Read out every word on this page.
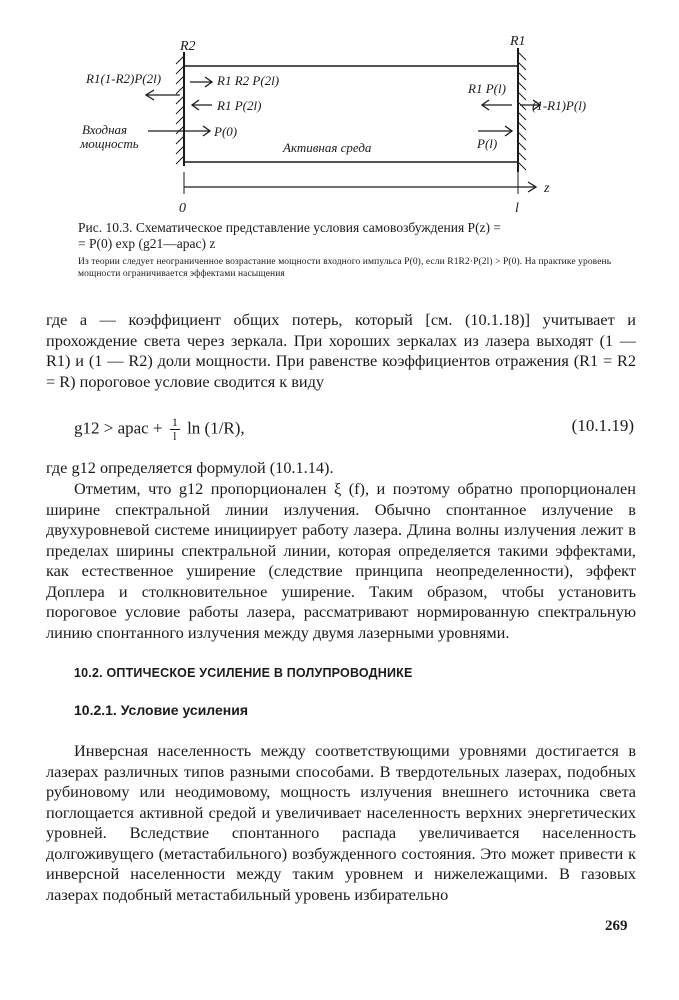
R2	R1
R1(1-R2)P(2l)	R1 R2 P(2l)
R1 P(2l)
Входная
мощность
P(0)
Активная среда
R1 P(l)
(1-R1)P(l)
P(l)
0	l
z
Рис. 10.3. Схематическое представление условия самовозбуждения P(z) =
= P(0) exp (g21—aрас) z
Из теории следует неограниченное возрастание мощности входного импульса P(0), если R1R2·P(2l) > P(0). На практике уровень мощности ограничивается эффектами насыщения
где a — коэффициент общих потерь, который [см. (10.1.18)] учитывает и прохождение света через зеркала. При хороших зеркалах из лазера выходят (1 — R1) и (1 — R2) доли мощности. При равенстве коэффициентов отражения (R1 = R2 = R) пороговое условие сводится к виду
g12 > aрас + $\frac{1}{l}$ ln (1/R),	(10.1.19)
где g12 определяется формулой (10.1.14).
Отметим, что g12 пропорционален ξ (f), и поэтому обратно пропорционален ширине спектральной линии излучения. Обычно спонтанное излучение в двухуровневой системе инициирует работу лазера. Длина волны излучения лежит в пределах ширины спектральной линии, которая определяется такими эффектами, как естественное уширение (следствие принципа неопределенности), эффект Доплера и столкновительное уширение. Таким образом, чтобы установить пороговое условие работы лазера, рассматривают нормированную спектральную линию спонтанного излучения между двумя лазерными уровнями.
10.2. ОПТИЧЕСКОЕ УСИЛЕНИЕ В ПОЛУПРОВОДНИКЕ
10.2.1. Условие усиления
Инверсная населенность между соответствующими уровнями достигается в лазерах различных типов разными способами. В твердотельных лазерах, подобных рубиновому или неодимовому, мощность излучения внешнего источника света поглощается активной средой и увеличивает населенность верхних энергетических уровней. Вследствие спонтанного распада увеличивается населенность долгоживущего (метастабильного) возбужденного состояния. Это может привести к инверсной населенности между таким уровнем и нижележащими. В газовых лазерах подобный метастабильный уровень избирательно
269
